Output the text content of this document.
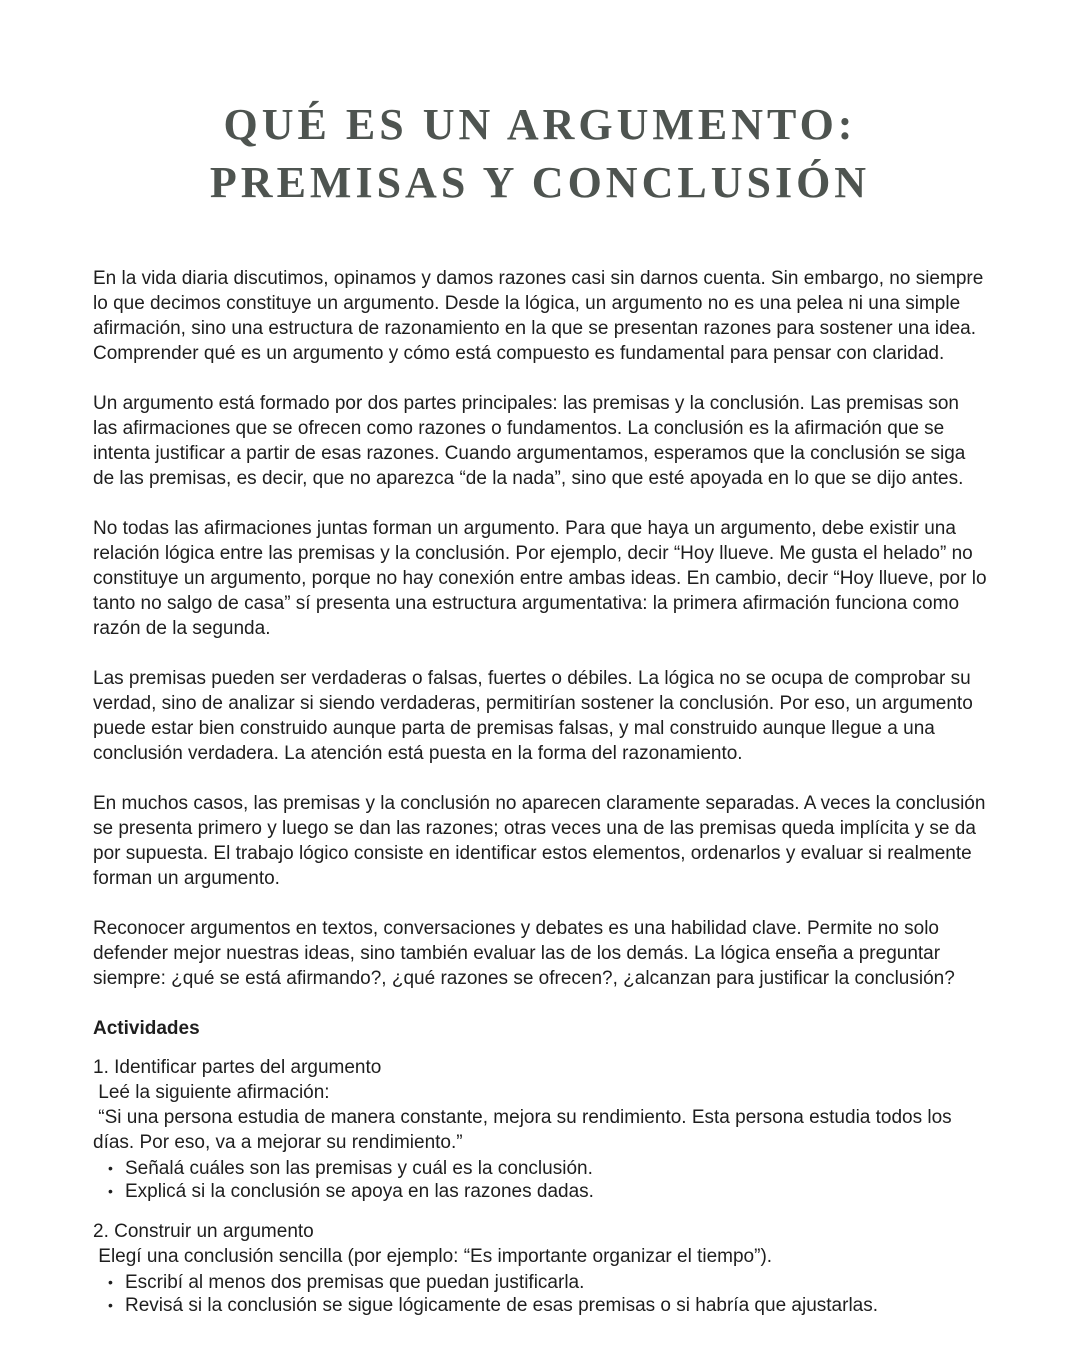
QUÉ ES UN ARGUMENTO:
PREMISAS Y CONCLUSIÓN

En la vida diaria discutimos, opinamos y damos razones casi sin darnos cuenta. Sin embargo, no siempre lo que decimos constituye un argumento. Desde la lógica, un argumento no es una pelea ni una simple afirmación, sino una estructura de razonamiento en la que se presentan razones para sostener una idea. Comprender qué es un argumento y cómo está compuesto es fundamental para pensar con claridad.

Un argumento está formado por dos partes principales: las premisas y la conclusión. Las premisas son las afirmaciones que se ofrecen como razones o fundamentos. La conclusión es la afirmación que se intenta justificar a partir de esas razones. Cuando argumentamos, esperamos que la conclusión se siga de las premisas, es decir, que no aparezca “de la nada”, sino que esté apoyada en lo que se dijo antes.

No todas las afirmaciones juntas forman un argumento. Para que haya un argumento, debe existir una relación lógica entre las premisas y la conclusión. Por ejemplo, decir “Hoy llueve. Me gusta el helado” no constituye un argumento, porque no hay conexión entre ambas ideas. En cambio, decir “Hoy llueve, por lo tanto no salgo de casa” sí presenta una estructura argumentativa: la primera afirmación funciona como razón de la segunda.

Las premisas pueden ser verdaderas o falsas, fuertes o débiles. La lógica no se ocupa de comprobar su verdad, sino de analizar si siendo verdaderas, permitirían sostener la conclusión. Por eso, un argumento puede estar bien construido aunque parta de premisas falsas, y mal construido aunque llegue a una conclusión verdadera. La atención está puesta en la forma del razonamiento.

En muchos casos, las premisas y la conclusión no aparecen claramente separadas. A veces la conclusión se presenta primero y luego se dan las razones; otras veces una de las premisas queda implícita y se da por supuesta. El trabajo lógico consiste en identificar estos elementos, ordenarlos y evaluar si realmente forman un argumento.

Reconocer argumentos en textos, conversaciones y debates es una habilidad clave. Permite no solo defender mejor nuestras ideas, sino también evaluar las de los demás. La lógica enseña a preguntar siempre: ¿qué se está afirmando?, ¿qué razones se ofrecen?, ¿alcanzan para justificar la conclusión?

Actividades

1. Identificar partes del argumento

Leé la siguiente afirmación:

“Si una persona estudia de manera constante, mejora su rendimiento. Esta persona estudia todos los días. Por eso, va a mejorar su rendimiento.”

• Señalá cuáles son las premisas y cuál es la conclusión.
• Explicá si la conclusión se apoya en las razones dadas.

2. Construir un argumento

Elegí una conclusión sencilla (por ejemplo: “Es importante organizar el tiempo”).

• Escribí al menos dos premisas que puedan justificarla.
• Revisá si la conclusión se sigue lógicamente de esas premisas o si habría que ajustarlas.
